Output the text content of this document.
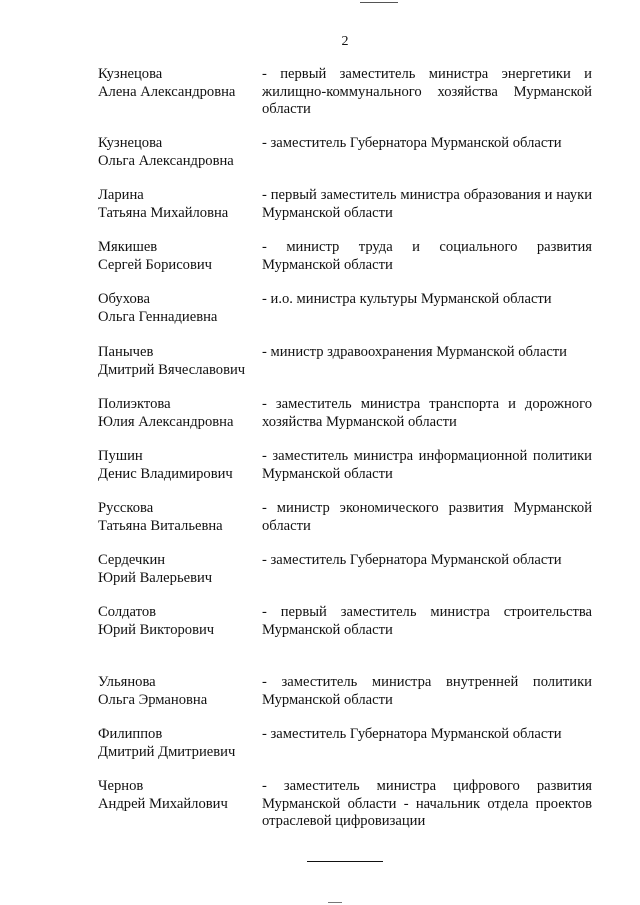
2
Кузнецова
Алена Александровна
- первый заместитель министра энергетики и жилищно-коммунального хозяйства Мурманской области
Кузнецова
Ольга Александровна
- заместитель Губернатора Мурманской области
Ларина
Татьяна Михайловна
- первый заместитель министра образования и науки Мурманской области
Мякишев
Сергей Борисович
- министр труда и социального развития Мурманской области
Обухова
Ольга Геннадиевна
- и.о. министра культуры Мурманской области
Панычев
Дмитрий Вячеславович
- министр здравоохранения Мурманской области
Полиэктова
Юлия Александровна
- заместитель министра транспорта и дорожного хозяйства Мурманской области
Пушин
Денис Владимирович
- заместитель министра информационной политики Мурманской области
Русскова
Татьяна Витальевна
- министр экономического развития Мурманской области
Сердечкин
Юрий Валерьевич
- заместитель Губернатора Мурманской области
Солдатов
Юрий Викторович
- первый заместитель министра строительства Мурманской области
Ульянова
Ольга Эрмановна
- заместитель министра внутренней политики Мурманской области
Филиппов
Дмитрий Дмитриевич
- заместитель Губернатора Мурманской области
Чернов
Андрей Михайлович
- заместитель министра цифрового развития Мурманской области - начальник отдела проектов отраслевой цифровизации
